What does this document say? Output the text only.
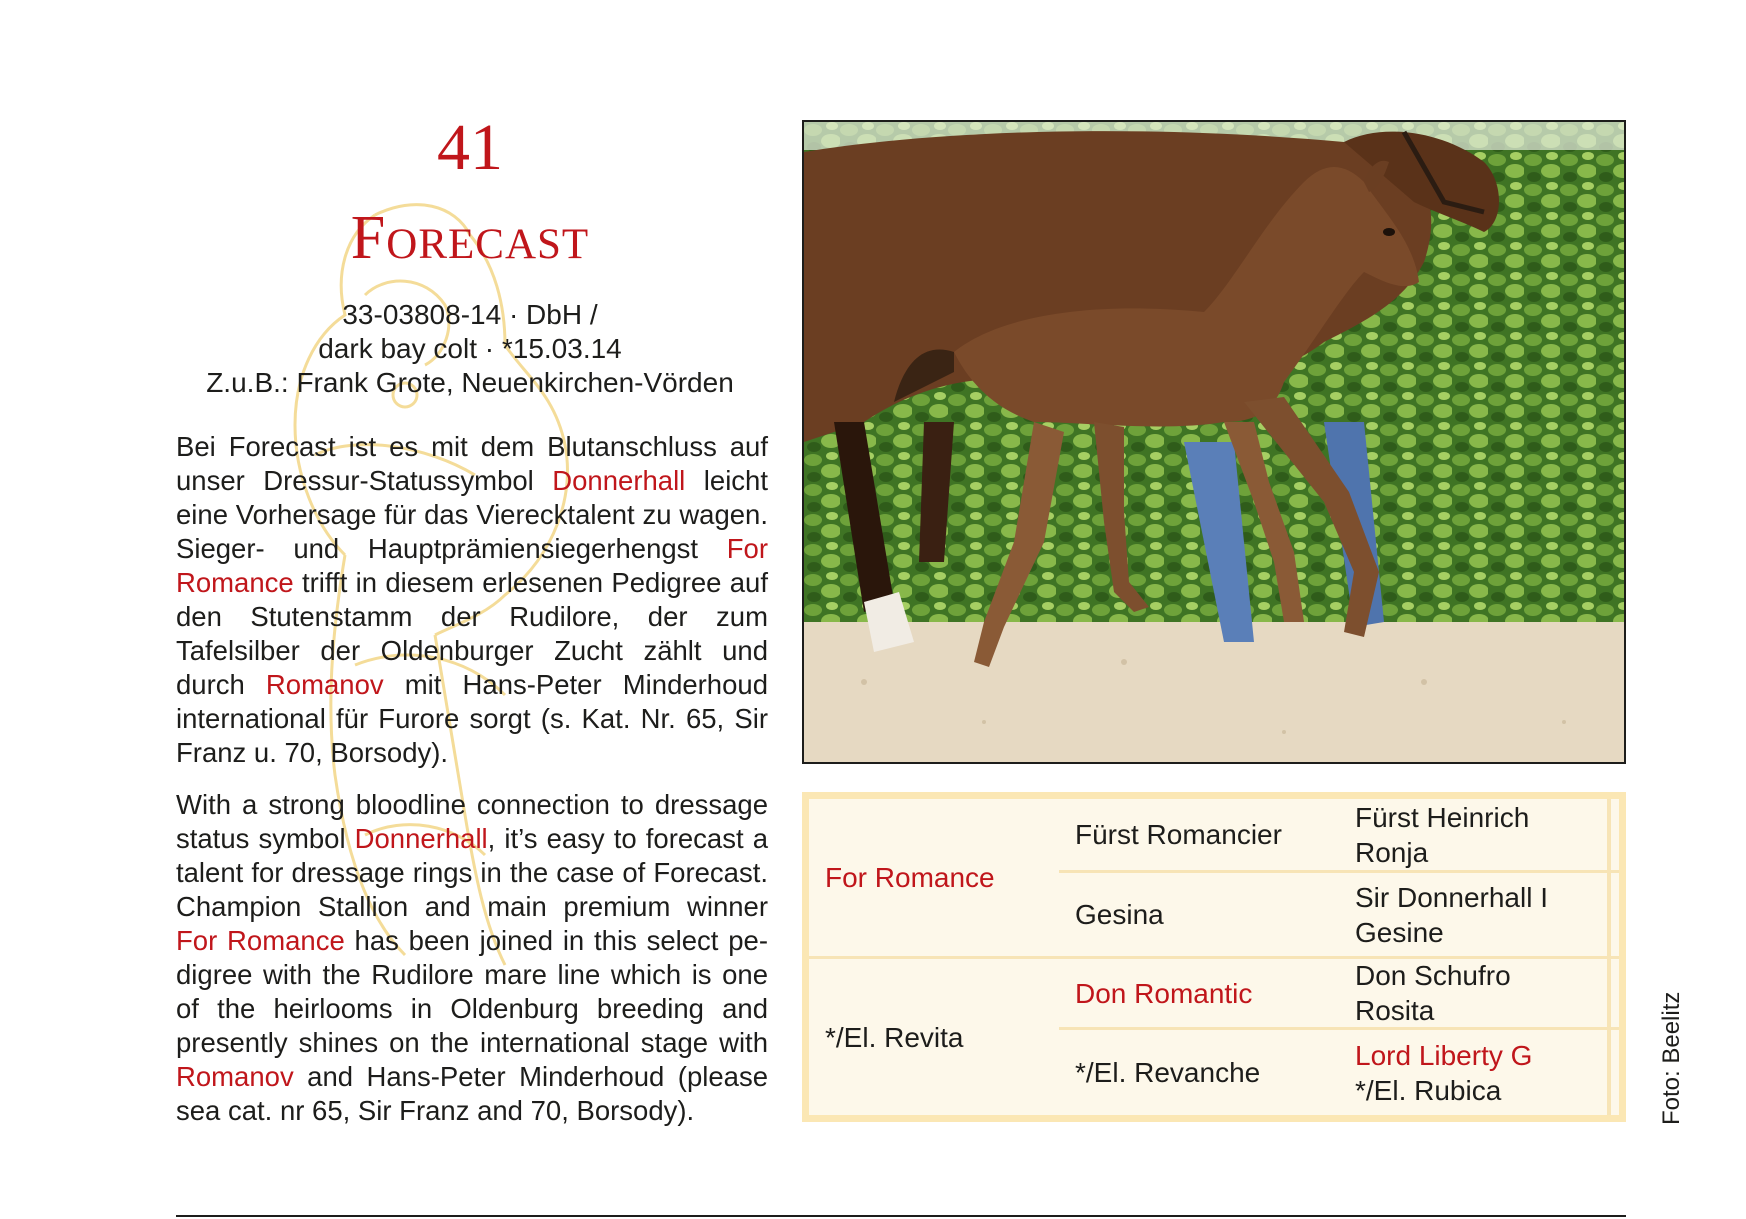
41
Forecast
33-03808-14 · DbH /
dark bay colt · *15.03.14
Z.u.B.: Frank Grote, Neuenkirchen-Vörden
Bei Forecast ist es mit dem Blutanschluss auf unser Dressur-Statussymbol Donnerhall leicht eine Vorhersage für das Vierecktalent zu wagen. Sieger- und Hauptprämiensiegerhengst For Romance trifft in diesem erlesenen Pedigree auf den Stutenstamm der Rudilore, der zum Tafelsilber der Oldenburger Zucht zählt und durch Romanov mit Hans-Peter Minderhoud international für Furore sorgt (s. Kat. Nr. 65, Sir Franz u. 70, Borsody).
With a strong bloodline connection to dressage status symbol Donnerhall, it’s easy to forecast a talent for dressage rings in the case of Forecast. Champion Stallion and main premium winner For Romance has been joined in this select pedigree with the Rudilore mare line which is one of the heirlooms in Oldenburg breeding and presently shines on the international stage with Romanov and Hans-Peter Minderhoud (please sea cat. nr 65, Sir Franz and 70, Borsody).
For Romance
*/El. Revita
Fürst Romancier
Gesina
Don Romantic
*/El. Revanche
Fürst Heinrich
Ronja
Sir Donnerhall I
Gesine
Don Schufro
Rosita
Lord Liberty G
*/El. Rubica	Foto: Beelitz
